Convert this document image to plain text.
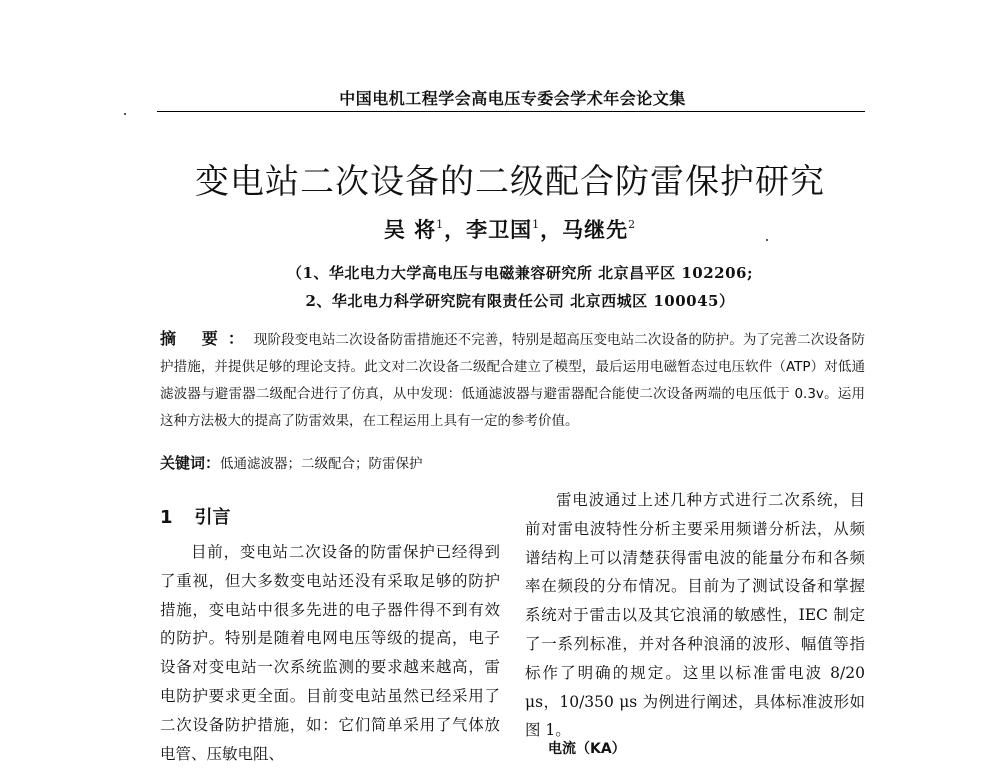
中国电机工程学会高电压专委会学术年会论文集
变电站二次设备的二级配合防雷保护研究
吴 将$^1$，李卫国$^1$，马继先$^2$
（1、华北电力大学高电压与电磁兼容研究所 北京昌平区 102206;
2、华北电力科学研究院有限责任公司 北京西城区 100045）
摘 要：现阶段变电站二次设备防雷措施还不完善，特别是超高压变电站二次设备的防护。为了完善二次设备防护措施，并提供足够的理论支持。此文对二次设备二级配合建立了模型，最后运用电磁暂态过电压软件（ATP）对低通滤波器与避雷器二级配合进行了仿真，从中发现：低通滤波器与避雷器配合能使二次设备两端的电压低于 0.3v。运用这种方法极大的提高了防雷效果，在工程运用上具有一定的参考价值。
关键词：低通滤波器；二级配合；防雷保护
1 引言

目前，变电站二次设备的防雷保护已经得到了重视，但大多数变电站还没有采取足够的防护措施，变电站中很多先进的电子器件得不到有效的防护。特别是随着电网电压等级的提高，电子设备对变电站一次系统监测的要求越来越高，雷电防护要求更全面。目前变电站虽然已经采用了二次设备防护措施，如：它们简单采用了气体放电管、压敏电阻、

雷电波通过上述几种方式进行二次系统，目前对雷电波特性分析主要采用频谱分析法，从频谱结构上可以清楚获得雷电波的能量分布和各频率在频段的分布情况。目前为了测试设备和掌握系统对于雷击以及其它浪涌的敏感性，IEC 制定了一系列标准，并对各种浪涌的波形、幅值等指标作了明确的规定。这里以标准雷电波 8/20 μs，10/350 μs 为例进行阐述，具体标准波形如图 1。

电流（KA）
